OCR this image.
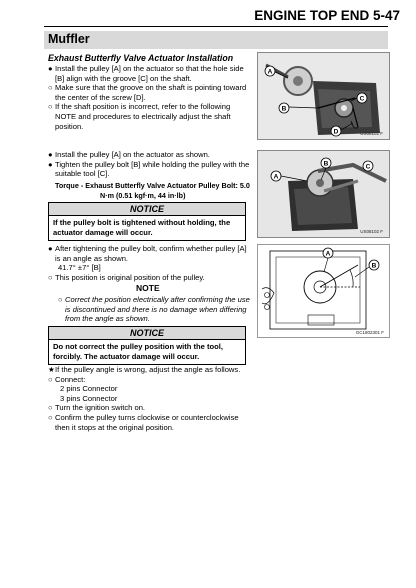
ENGINE TOP END 5-47
Muffler
Exhaust Butterfly Valve Actuator Installation
● Install the pulley [A] on the actuator so that the hole side
[B] align with the groove [C] on the shaft.
○ Make sure that the groove on the shaft is pointing toward
the center of the screw [D].
○ If the shaft position is incorrect, refer to the following
NOTE and procedures to electrically adjust the shaft
position.
A
B
C
D	US08102 F
● Install the pulley [A] on the actuator as shown.
● Tighten the pulley bolt [B] while holding the pulley with the
suitable tool [C].
Torque - Exhaust Butterfly Valve Actuator Pulley Bolt: 5.0
N·m (0.51 kgf·m, 44 in·lb)
NOTICE
If the pulley bolt is tightened without holding, the
actuator damage will occur.
B
A
C
US08102 F
● After tightening the pulley bolt, confirm whether pulley [A]
is an angle as shown.
41.7° ±7° [B]
○ This position is original position of the pulley.
NOTE
○ Correct the position electrically after confirming the use
is discontinued and there is no damage when differing
from the angle as shown.
A
B
GC1802301 F
NOTICE
Do not correct the pulley position with the tool,
forcibly. The actuator damage will occur.
★ If the pulley angle is wrong, adjust the angle as follows.
○ Connect:
2 pins Connector
3 pins Connector
○ Turn the ignition switch on.
○ Confirm the pulley turns clockwise or counterclockwise
then it stops at the original position.
